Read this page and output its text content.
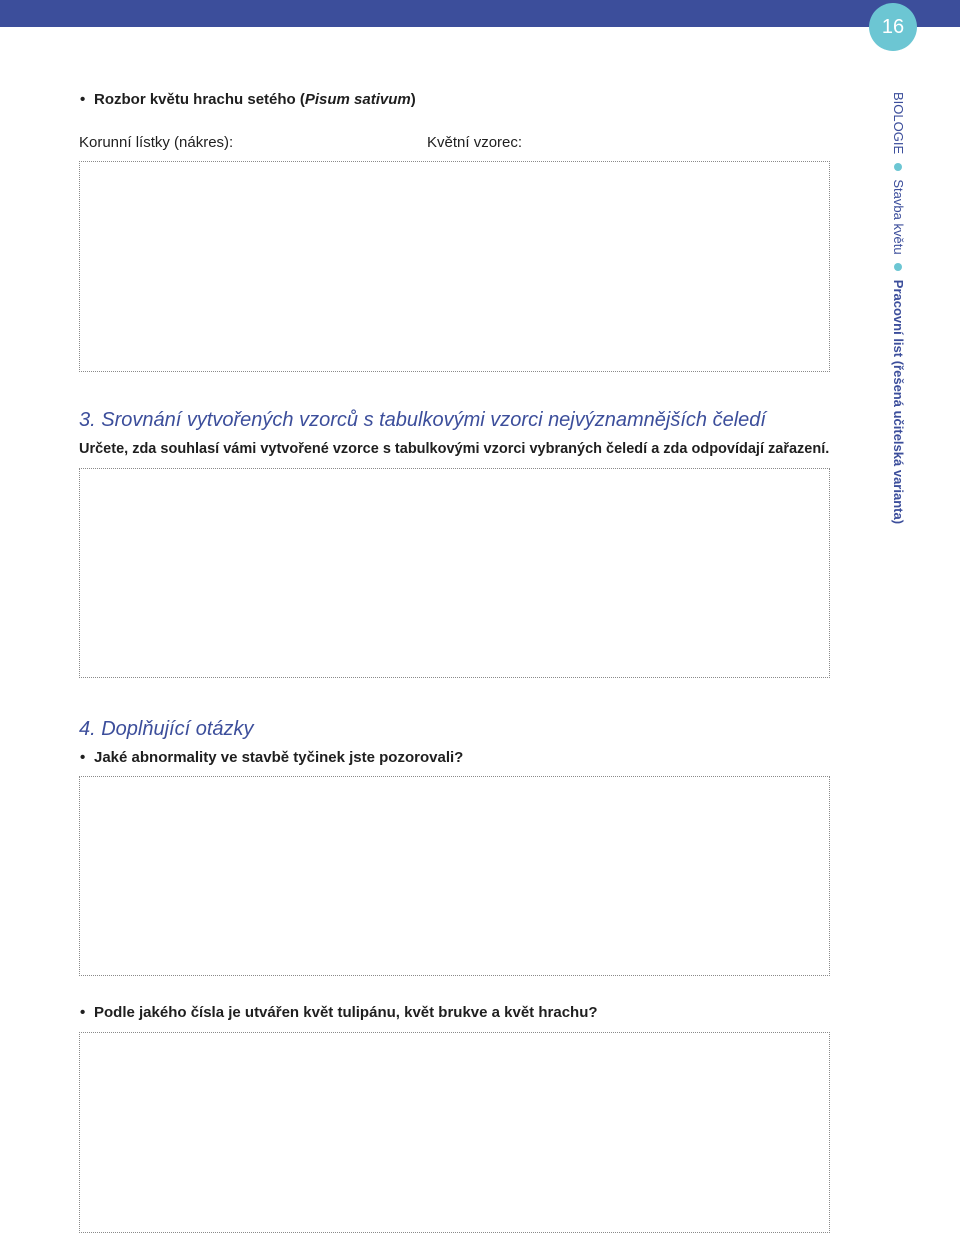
16
• Rozbor květu hrachu setého (Pisum sativum)
Korunní lístky (nákres):	Květní vzorec:
3. Srovnání vytvořených vzorců s tabulkovými vzorci nejvýznamnějších čeledí
Určete, zda souhlasí vámi vytvořené vzorce s tabulkovými vzorci vybraných čeledí a zda odpovídají zařazení.
4. Doplňující otázky
• Jaké abnormality ve stavbě tyčinek jste pozorovali?
• Podle jakého čísla je utvářen květ tulipánu, květ brukve a květ hrachu?
BIOLOGIE  Stavba květu  Pracovní list (řešená učitelská varianta)
